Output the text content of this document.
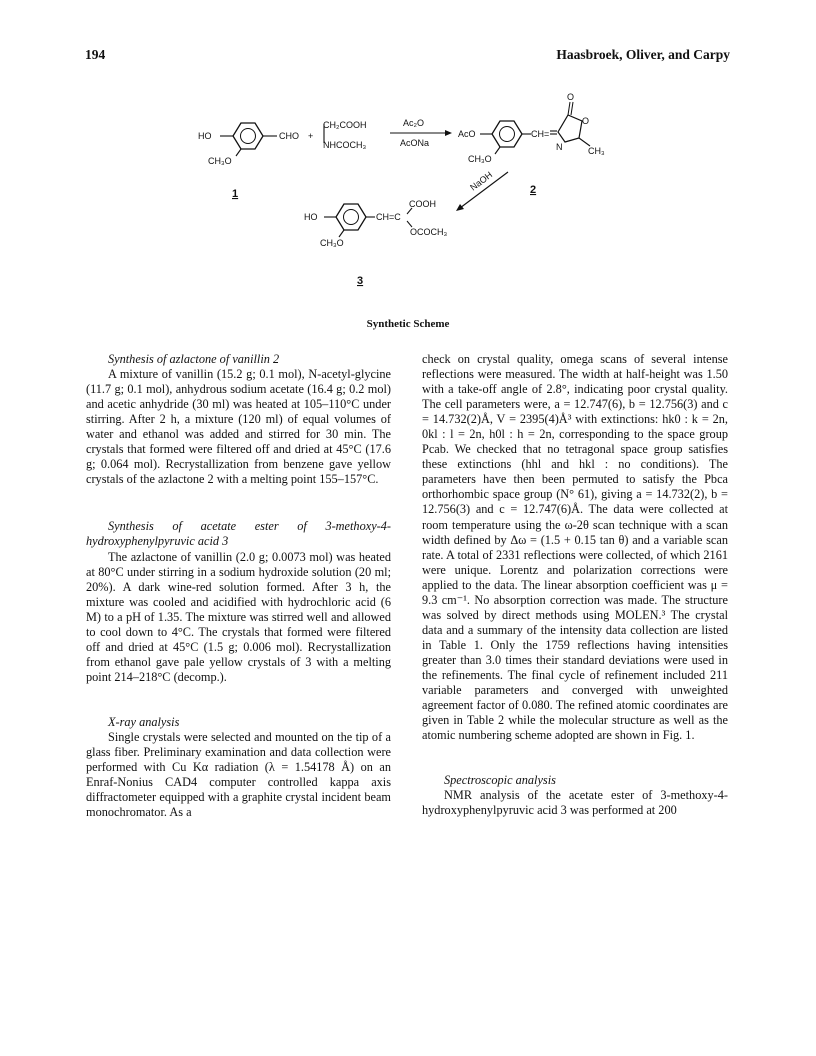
194	Haasbroek, Oliver, and Carpy
HO	CHO
CH₃O
1
+
CH₂COOH
NHCOCH₃
Ac₂O
AcONa
O
O
N	CH₃
AcO	CH=
CH₃O
2
NaOH
HO	CH=C
COOH
OCOCH₃
CH₃O
3
Synthetic Scheme

Synthesis of azlactone of vanillin 2

A mixture of vanillin (15.2 g; 0.1 mol), N-acetyl-glycine (11.7 g; 0.1 mol), anhydrous sodium acetate (16.4 g; 0.2 mol) and acetic anhydride (30 ml) was heated at 105–110°C under stirring. After 2 h, a mixture (120 ml) of equal volumes of water and ethanol was added and stirred for 30 min. The crystals that formed were filtered off and dried at 45°C (17.6 g; 0.064 mol). Recrystallization from benzene gave yellow crystals of the azlactone 2 with a melting point 155–157°C.

Synthesis of acetate ester of 3-methoxy-4-hydroxyphenylpyruvic acid 3

The azlactone of vanillin (2.0 g; 0.0073 mol) was heated at 80°C under stirring in a sodium hydroxide solution (20 ml; 20%). A dark wine-red solution formed. After 3 h, the mixture was cooled and acidified with hydrochloric acid (6 M) to a pH of 1.35. The mixture was stirred well and allowed to cool down to 4°C. The crystals that formed were filtered off and dried at 45°C (1.5 g; 0.006 mol). Recrystallization from ethanol gave pale yellow crystals of 3 with a melting point 214–218°C (decomp.).

X-ray analysis

Single crystals were selected and mounted on the tip of a glass fiber. Preliminary examination and data collection were performed with Cu Kα radiation (λ = 1.54178 Å) on an Enraf-Nonius CAD4 computer controlled kappa axis diffractometer equipped with a graphite crystal incident beam monochromator. As a

check on crystal quality, omega scans of several intense reflections were measured. The width at half-height was 1.50 with a take-off angle of 2.8°, indicating poor crystal quality. The cell parameters were, a = 12.747(6), b = 12.756(3) and c = 14.732(2)Å, V = 2395(4)Å³ with extinctions: hk0 : k = 2n, 0kl : l = 2n, h0l : h = 2n, corresponding to the space group Pcab. We checked that no tetragonal space group satisfies these extinctions (hhl and hkl : no conditions). The parameters have then been permuted to satisfy the Pbca orthorhombic space group (N° 61), giving a = 14.732(2), b = 12.756(3) and c = 12.747(6)Å. The data were collected at room temperature using the ω-2θ scan technique with a scan width defined by Δω = (1.5 + 0.15 tan θ) and a variable scan rate. A total of 2331 reflections were collected, of which 2161 were unique. Lorentz and polarization corrections were applied to the data. The linear absorption coefficient was μ = 9.3 cm⁻¹. No absorption correction was made. The structure was solved by direct methods using MOLEN.³ The crystal data and a summary of the intensity data collection are listed in Table 1. Only the 1759 reflections having intensities greater than 3.0 times their standard deviations were used in the refinements. The final cycle of refinement included 211 variable parameters and converged with unweighted agreement factor of 0.080. The refined atomic coordinates are given in Table 2 while the molecular structure as well as the atomic numbering scheme adopted are shown in Fig. 1.

Spectroscopic analysis

NMR analysis of the acetate ester of 3-methoxy-4-hydroxyphenylpyruvic acid 3 was performed at 200
